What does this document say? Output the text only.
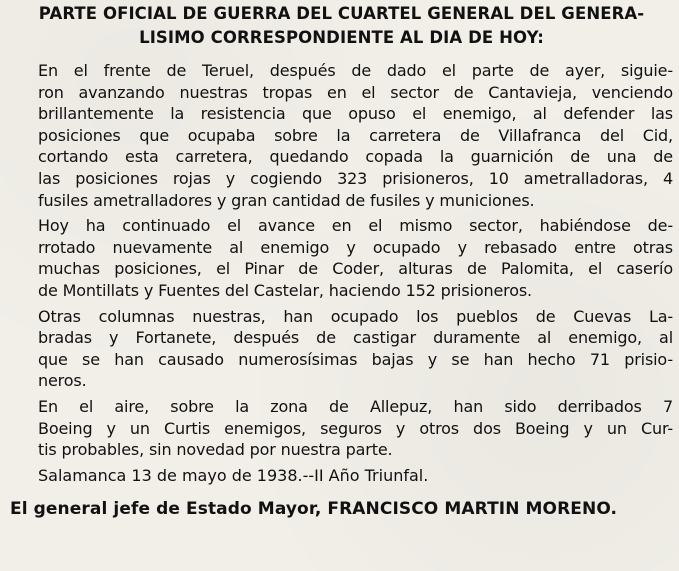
PARTE OFICIAL DE GUERRA DEL CUARTEL GENERAL DEL GENERA-
LISIMO CORRESPONDIENTE AL DIA DE HOY:

En el frente de Teruel, después de dado el parte de ayer, siguie-
ron avanzando nuestras tropas en el sector de Cantavieja, venciendo
brillantemente la resistencia que opuso el enemigo, al defender las
posiciones que ocupaba sobre la carretera de Villafranca del Cid,
cortando esta carretera, quedando copada la guarnición de una de
las posiciones rojas y cogiendo 323 prisioneros, 10 ametralladoras, 4
fusiles ametralladores y gran cantidad de fusiles y municiones.

Hoy ha continuado el avance en el mismo sector, habiéndose de-
rrotado nuevamente al enemigo y ocupado y rebasado entre otras
muchas posiciones, el Pinar de Coder, alturas de Palomita, el caserío
de Montillats y Fuentes del Castelar, haciendo 152 prisioneros.

Otras columnas nuestras, han ocupado los pueblos de Cuevas La-
bradas y Fortanete, después de castigar duramente al enemigo, al
que se han causado numerosísimas bajas y se han hecho 71 prisio-
neros.

En el aire, sobre la zona de Allepuz, han sido derribados 7
Boeing y un Curtis enemigos, seguros y otros dos Boeing y un Cur-
tis probables, sin novedad por nuestra parte.

Salamanca 13 de mayo de 1938.--II Año Triunfal.

El general jefe de Estado Mayor, FRANCISCO MARTIN MORENO.
